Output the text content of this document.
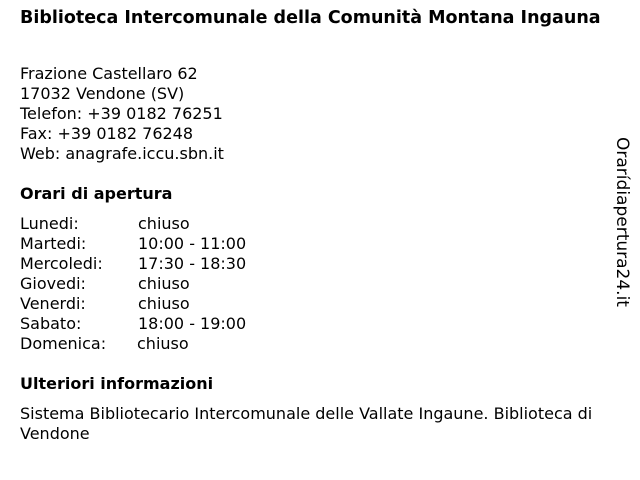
Biblioteca Intercomunale della Comunità Montana Ingauna
Frazione Castellaro 62
17032 Vendone (SV)
Telefon: +39 0182 76251
Fax: +39 0182 76248
Web: anagrafe.iccu.sbn.it
Orari di apertura
Lunedi:	chiuso
Martedi:	10:00 - 11:00
Mercoledi:	17:30 - 18:30
Giovedi:	chiuso
Venerdi:	chiuso
Sabato:	18:00 - 19:00
Domenica:	chiuso
Ulteriori informazioni
Sistema Bibliotecario Intercomunale delle Vallate Ingaune. Biblioteca di Vendone
Orarídiapertura24.it
